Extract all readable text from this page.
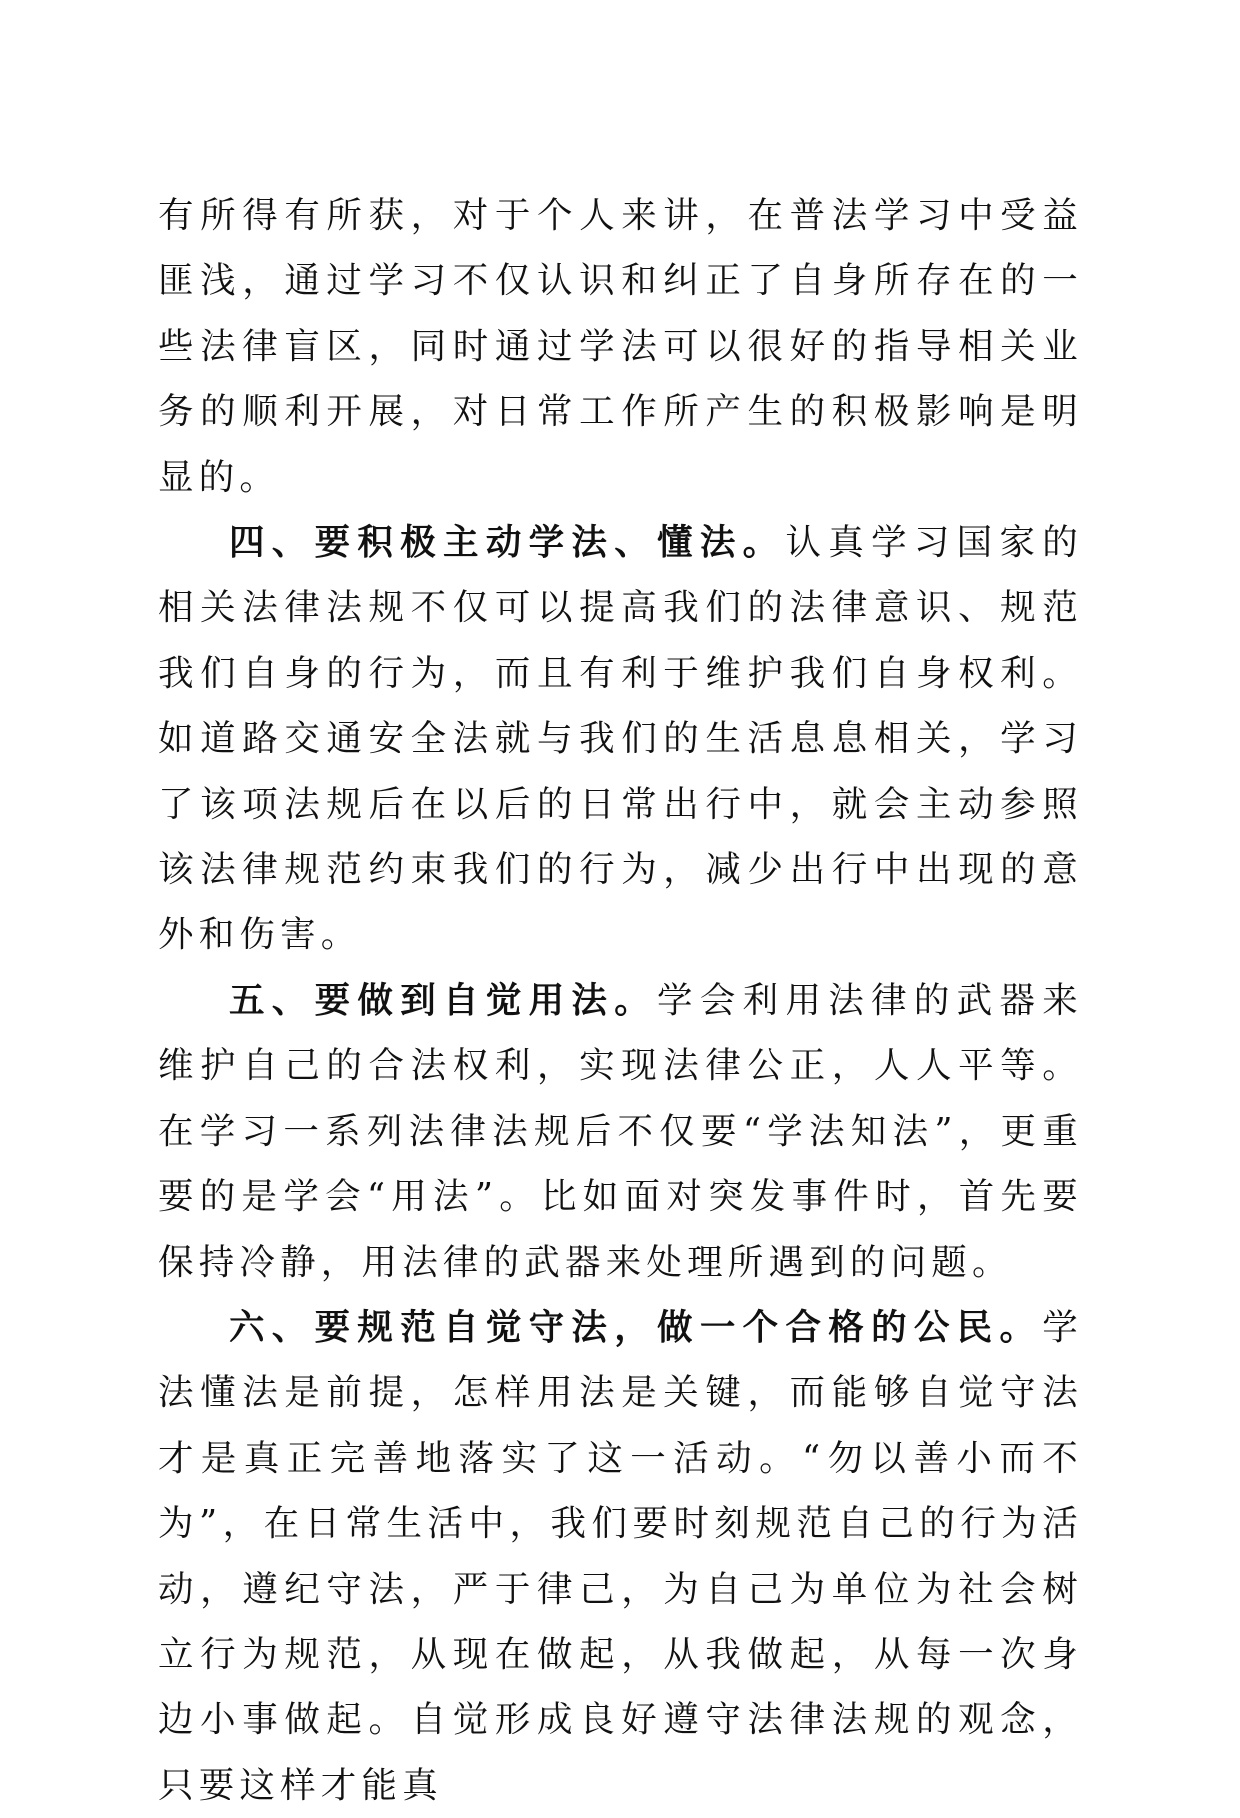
有所得有所获，对于个人来讲，在普法学习中受益匪浅，通过学习不仅认识和纠正了自身所存在的一些法律盲区，同时通过学法可以很好的指导相关业务的顺利开展，对日常工作所产生的积极影响是明显的。

四、要积极主动学法、懂法。认真学习国家的相关法律法规不仅可以提高我们的法律意识、规范我们自身的行为，而且有利于维护我们自身权利。如道路交通安全法就与我们的生活息息相关，学习了该项法规后在以后的日常出行中，就会主动参照该法律规范约束我们的行为，减少出行中出现的意外和伤害。

五、要做到自觉用法。学会利用法律的武器来维护自己的合法权利，实现法律公正，人人平等。在学习一系列法律法规后不仅要“学法知法”，更重要的是学会“用法”。比如面对突发事件时，首先要保持冷静，用法律的武器来处理所遇到的问题。

六、要规范自觉守法，做一个合格的公民。学法懂法是前提，怎样用法是关键，而能够自觉守法才是真正完善地落实了这一活动。“勿以善小而不为”，在日常生活中，我们要时刻规范自己的行为活动，遵纪守法，严于律己，为自己为单位为社会树立行为规范，从现在做起，从我做起，从每一次身边小事做起。自觉形成良好遵守法律法规的观念，只要这样才能真
